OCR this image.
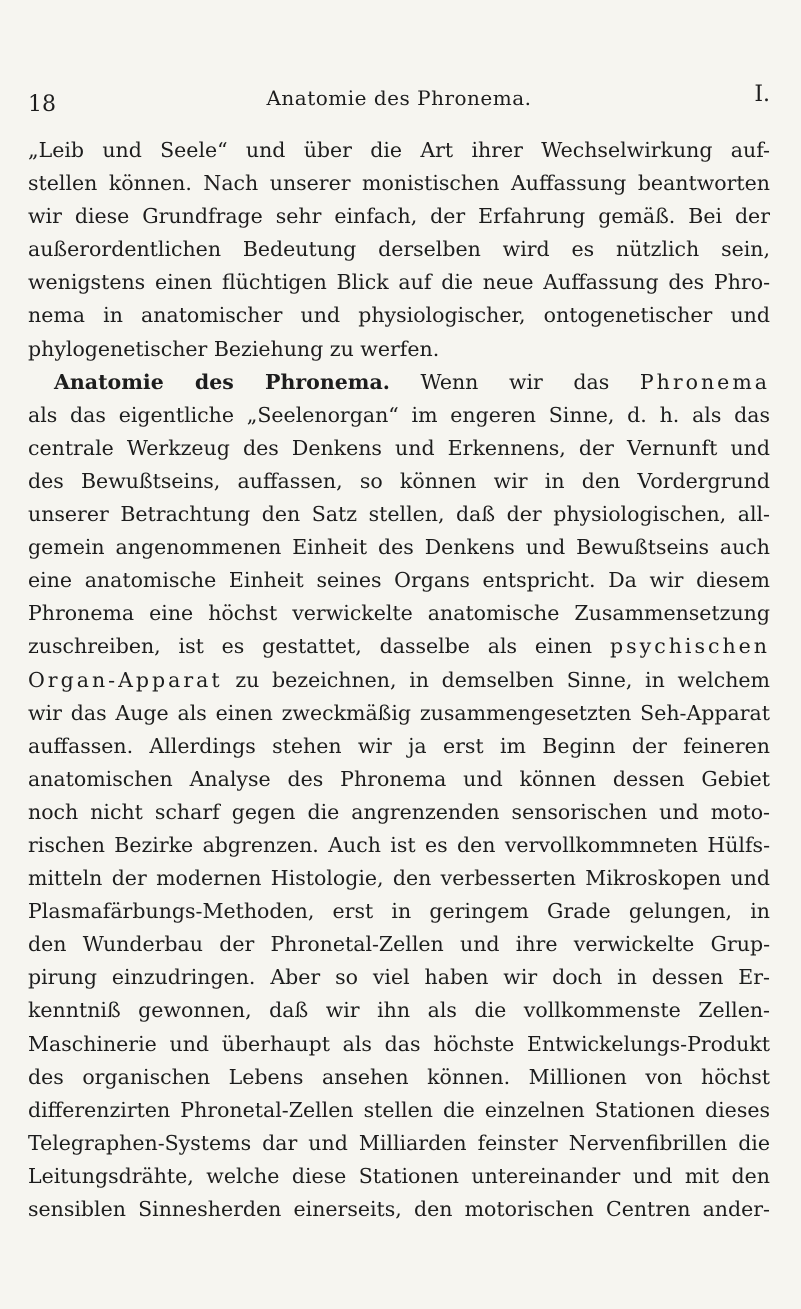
18	Anatomie des Phronema.	I.
„Leib und Seele“ und über die Art ihrer Wechselwirkung auf-
stellen können. Nach unserer monistischen Auffassung beantworten
wir diese Grundfrage sehr einfach, der Erfahrung gemäß. Bei der
außerordentlichen Bedeutung derselben wird es nützlich sein,
wenigstens einen flüchtigen Blick auf die neue Auffassung des Phro-
nema in anatomischer und physiologischer, ontogenetischer und
phylogenetischer Beziehung zu werfen.
Anatomie des Phronema. Wenn wir das Phronema
als das eigentliche „Seelenorgan“ im engeren Sinne, d. h. als das
centrale Werkzeug des Denkens und Erkennens, der Vernunft und
des Bewußtseins, auffassen, so können wir in den Vordergrund
unserer Betrachtung den Satz stellen, daß der physiologischen, all-
gemein angenommenen Einheit des Denkens und Bewußtseins auch
eine anatomische Einheit seines Organs entspricht. Da wir diesem
Phronema eine höchst verwickelte anatomische Zusammensetzung
zuschreiben, ist es gestattet, dasselbe als einen psychischen
Organ-Apparat zu bezeichnen, in demselben Sinne, in welchem
wir das Auge als einen zweckmäßig zusammengesetzten Seh-Apparat
auffassen. Allerdings stehen wir ja erst im Beginn der feineren
anatomischen Analyse des Phronema und können dessen Gebiet
noch nicht scharf gegen die angrenzenden sensorischen und moto-
rischen Bezirke abgrenzen. Auch ist es den vervollkommneten Hülfs-
mitteln der modernen Histologie, den verbesserten Mikroskopen und
Plasmafärbungs-Methoden, erst in geringem Grade gelungen, in
den Wunderbau der Phronetal-Zellen und ihre verwickelte Grup-
pirung einzudringen. Aber so viel haben wir doch in dessen Er-
kenntniß gewonnen, daß wir ihn als die vollkommenste Zellen-
Maschinerie und überhaupt als das höchste Entwickelungs-Produkt
des organischen Lebens ansehen können. Millionen von höchst
differenzirten Phronetal-Zellen stellen die einzelnen Stationen dieses
Telegraphen-Systems dar und Milliarden feinster Nervenfibrillen die
Leitungsdrähte, welche diese Stationen untereinander und mit den
sensiblen Sinnesherden einerseits, den motorischen Centren ander-
